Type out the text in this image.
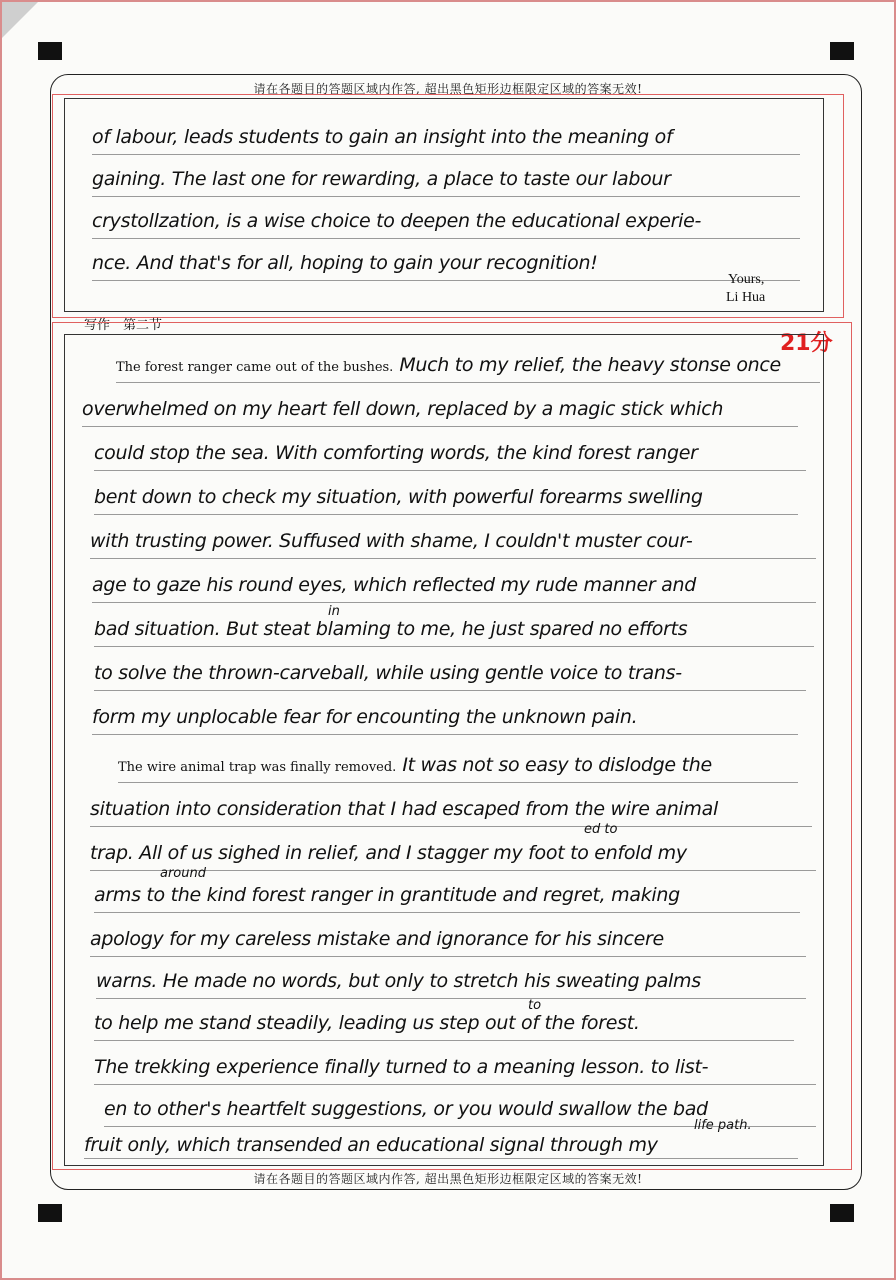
请在各题目的答题区域内作答, 超出黑色矩形边框限定区域的答案无效!
请在各题目的答题区域内作答, 超出黑色矩形边框限定区域的答案无效!
of labour, leads students to gain an insight into the meaning of
gaining. The last one for rewarding, a place to taste our labour
crystollzation, is a wise choice to deepen the educational experie-
nce. And that's for all, hoping to gain your recognition!
Yours,
Li Hua
写作　第二节
21分
The forest ranger came out of the bushes. Much to my relief, the heavy stonse once
overwhelmed on my heart fell down, replaced by a magic stick which
could stop the sea. With comforting words, the kind forest ranger
bent down to check my situation, with powerful forearms swelling
with trusting power. Suffused with shame, I couldn't muster cour-
age to gaze his round eyes, which reflected my rude manner and
in
bad situation. But steat blaming to me, he just spared no efforts
to solve the thrown-carveball, while using gentle voice to trans-
form my unplocable fear for encounting the unknown pain.
The wire animal trap was finally removed. It was not so easy to dislodge the
situation into consideration that I had escaped from the wire animal
ed to
trap. All of us sighed in relief, and I stagger my foot to enfold my
around
arms to the kind forest ranger in grantitude and regret, making
apology for my careless mistake and ignorance for his sincere
warns. He made no words, but only to stretch his sweating palms
to
to help me stand steadily, leading us step out of the forest.
The trekking experience finally turned to a meaning lesson. to list-
en to other's heartfelt suggestions, or you would swallow the bad
life path.
fruit only, which transended an educational signal through my
